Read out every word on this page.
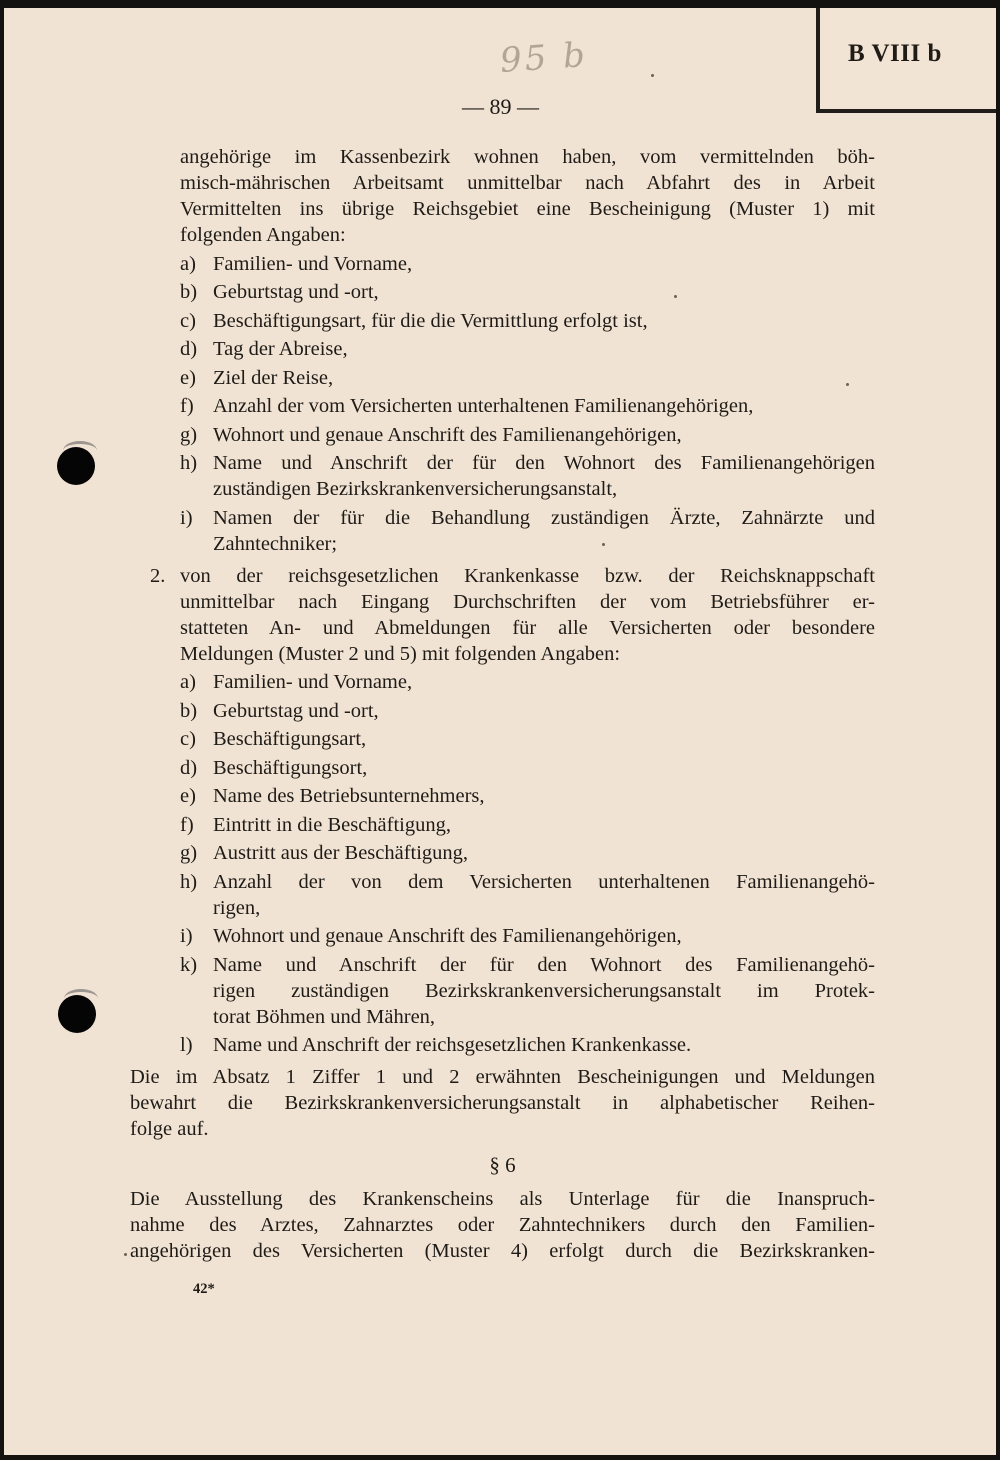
B VIII b
95 b
— 89 —
angehörige im Kassenbezirk wohnen haben, vom vermittelnden böh-
misch-mährischen Arbeitsamt unmittelbar nach Abfahrt des in Arbeit
Vermittelten ins übrige Reichsgebiet eine Bescheinigung (Muster 1) mit
folgenden Angaben:
a) Familien- und Vorname,
b) Geburtstag und -ort,
c) Beschäftigungsart, für die die Vermittlung erfolgt ist,
d) Tag der Abreise,
e) Ziel der Reise,
f) Anzahl der vom Versicherten unterhaltenen Familienangehörigen,
g) Wohnort und genaue Anschrift des Familienangehörigen,
h) Name und Anschrift der für den Wohnort des Familienangehörigen
zuständigen Bezirkskrankenversicherungsanstalt,
i) Namen der für die Behandlung zuständigen Ärzte, Zahnärzte und
Zahntechniker;
2. von der reichsgesetzlichen Krankenkasse bzw. der Reichsknappschaft
unmittelbar nach Eingang Durchschriften der vom Betriebsführer er-
statteten An- und Abmeldungen für alle Versicherten oder besondere
Meldungen (Muster 2 und 5) mit folgenden Angaben:
a) Familien- und Vorname,
b) Geburtstag und -ort,
c) Beschäftigungsart,
d) Beschäftigungsort,
e) Name des Betriebsunternehmers,
f) Eintritt in die Beschäftigung,
g) Austritt aus der Beschäftigung,
h) Anzahl der von dem Versicherten unterhaltenen Familienangehö-
rigen,
i) Wohnort und genaue Anschrift des Familienangehörigen,
k) Name und Anschrift der für den Wohnort des Familienangehö-
rigen zuständigen Bezirkskrankenversicherungsanstalt im Protek-
torat Böhmen und Mähren,
l) Name und Anschrift der reichsgesetzlichen Krankenkasse.
Die im Absatz 1 Ziffer 1 und 2 erwähnten Bescheinigungen und Meldungen
bewahrt die Bezirkskrankenversicherungsanstalt in alphabetischer Reihen-
folge auf.
§ 6
Die Ausstellung des Krankenscheins als Unterlage für die Inanspruch-
nahme des Arztes, Zahnarztes oder Zahntechnikers durch den Familien-
angehörigen des Versicherten (Muster 4) erfolgt durch die Bezirkskranken-
42*
